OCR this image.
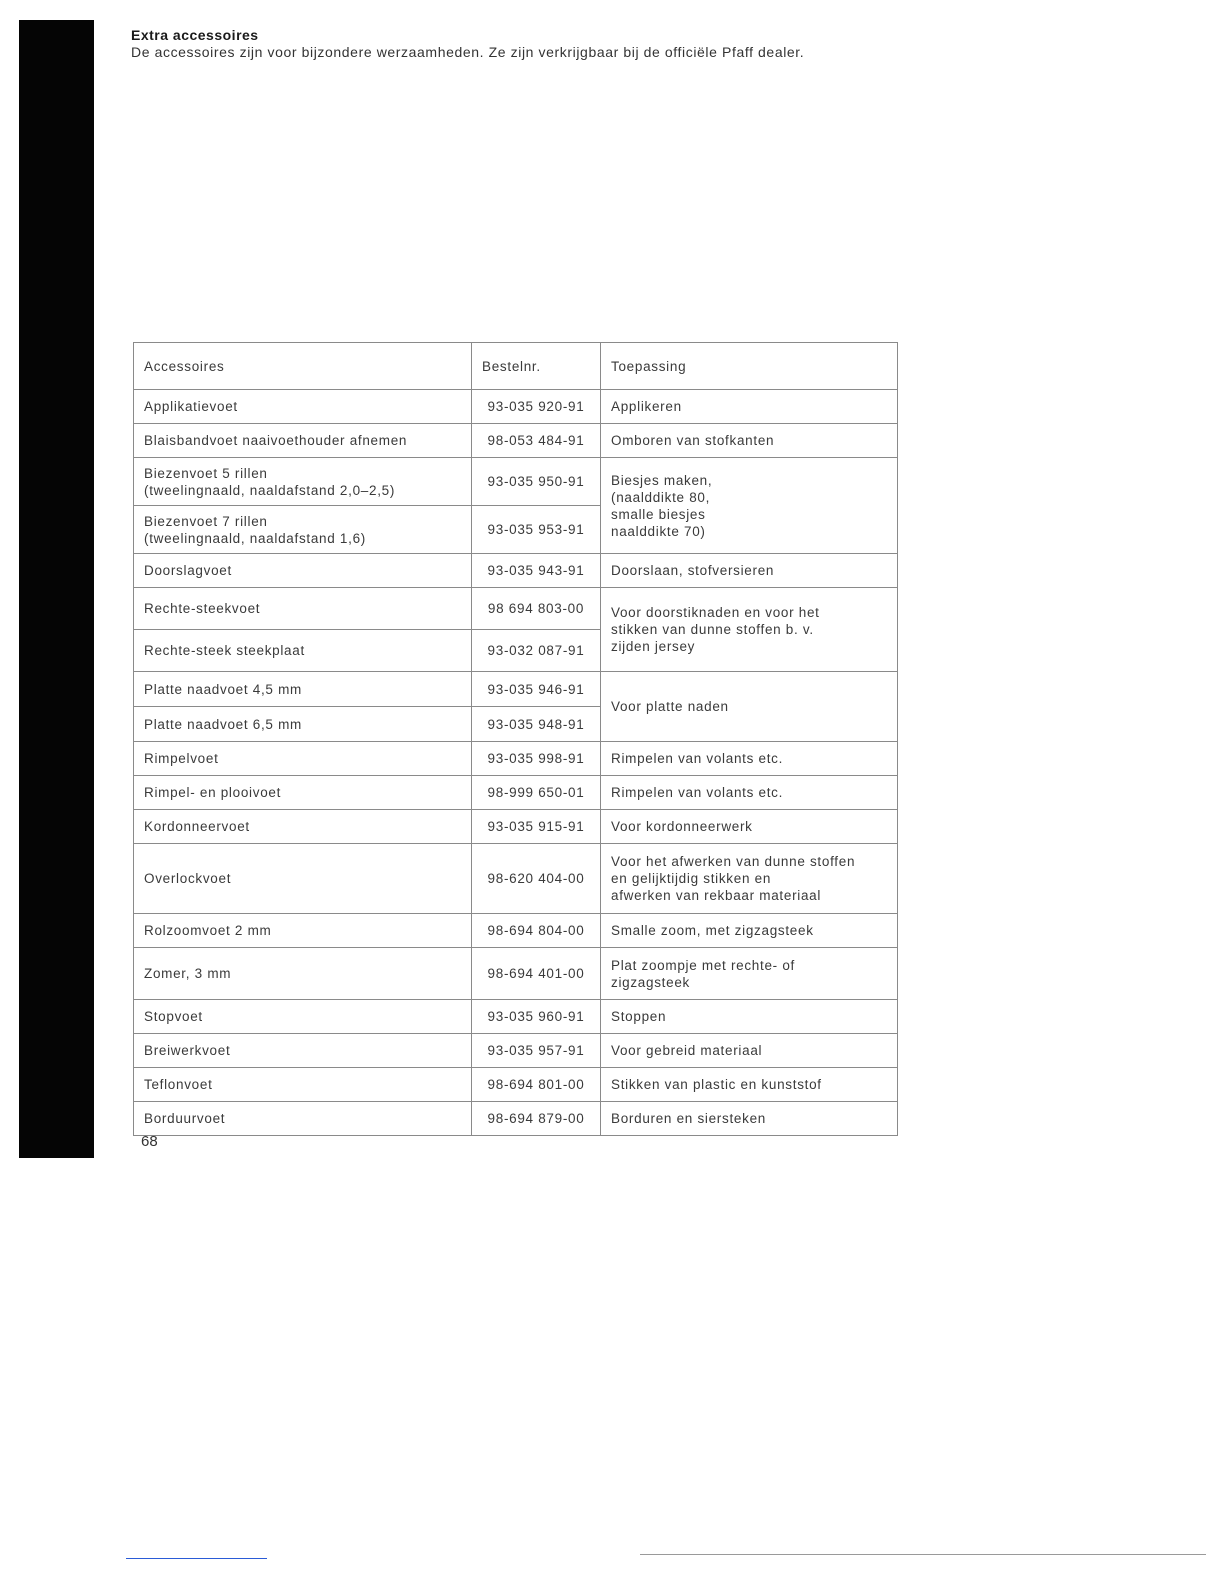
Extra accessoires
De accessoires zijn voor bijzondere werzaamheden. Ze zijn verkrijgbaar bij de officiële Pfaff dealer.
Accessoires	Bestelnr.	Toepassing
Applikatievoet	93-035 920-91	Applikeren
Blaisbandvoet naaivoethouder afnemen	98-053 484-91	Omboren van stofkanten
Biezenvoet 5 rillen
(tweelingnaald, naaldafstand 2,0–2,5)	93-035 950-91	Biesjes maken,
(naalddikte 80,
smalle biesjes
naalddikte 70)
Biezenvoet 7 rillen
(tweelingnaald, naaldafstand 1,6)	93-035 953-91	
Doorslagvoet	93-035 943-91	Doorslaan, stofversieren
Rechte-steekvoet	98 694 803-00	Voor doorstiknaden en voor het
stikken van dunne stoffen b. v.
zijden jersey
Rechte-steek steekplaat	93-032 087-91	
Platte naadvoet 4,5 mm	93-035 946-91	Voor platte naden
Platte naadvoet 6,5 mm	93-035 948-91	
Rimpelvoet	93-035 998-91	Rimpelen van volants etc.
Rimpel- en plooivoet	98-999 650-01	Rimpelen van volants etc.
Kordonneervoet	93-035 915-91	Voor kordonneerwerk
Overlockvoet	98-620 404-00	Voor het afwerken van dunne stoffen
en gelijktijdig stikken en
afwerken van rekbaar materiaal
Rolzoomvoet 2 mm	98-694 804-00	Smalle zoom, met zigzagsteek
Zomer, 3 mm	98-694 401-00	Plat zoompje met rechte- of
zigzagsteek
Stopvoet	93-035 960-91	Stoppen
Breiwerkvoet	93-035 957-91	Voor gebreid materiaal
Teflonvoet	98-694 801-00	Stikken van plastic en kunststof
Borduurvoet	98-694 879-00	Borduren en siersteken
68
